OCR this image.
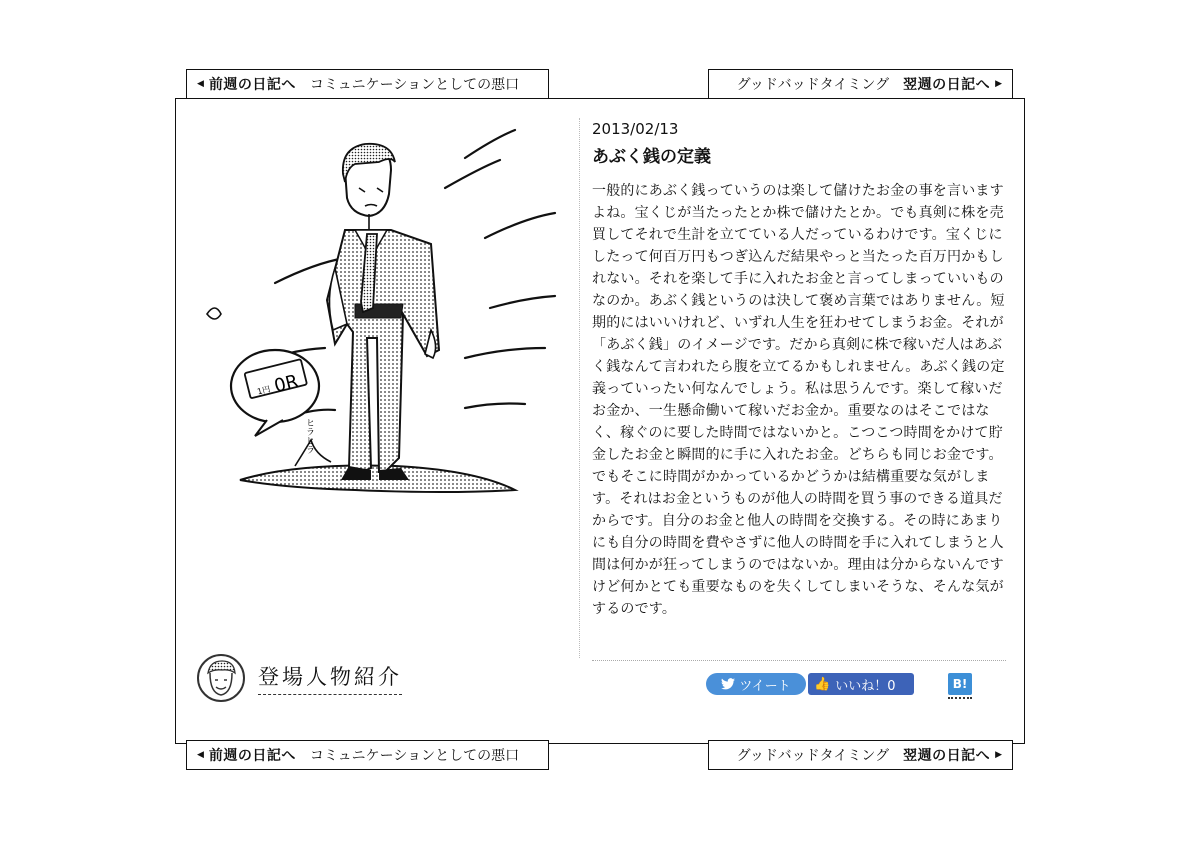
◀ 前週の日記へ コミュニケーションとしての悪口	グッドバッドタイミング 翌週の日記へ ▶
1円 0R
ヒラヒラ
登場人物紹介
2013/02/13
あぶく銭の定義

一般的にあぶく銭っていうのは楽して儲けたお金の事を言いますよね。宝くじが当たったとか株で儲けたとか。でも真剣に株を売買してそれで生計を立てている人だっているわけです。宝くじにしたって何百万円もつぎ込んだ結果やっと当たった百万円かもしれない。それを楽して手に入れたお金と言ってしまっていいものなのか。あぶく銭というのは決して褒め言葉ではありません。短期的にはいいけれど、いずれ人生を狂わせてしまうお金。それが「あぶく銭」のイメージです。だから真剣に株で稼いだ人はあぶく銭なんて言われたら腹を立てるかもしれません。あぶく銭の定義っていったい何なんでしょう。私は思うんです。楽して稼いだお金か、一生懸命働いて稼いだお金か。重要なのはそこではなく、稼ぐのに要した時間ではないかと。こつこつ時間をかけて貯金したお金と瞬間的に手に入れたお金。どちらも同じお金です。でもそこに時間がかかっているかどうかは結構重要な気がします。それはお金というものが他人の時間を買う事のできる道具だからです。自分のお金と他人の時間を交換する。その時にあまりにも自分の時間を費やさずに他人の時間を手に入れてしまうと人間は何かが狂ってしまうのではないか。理由は分からないんですけど何かとても重要なものを失くしてしまいそうな、そんな気がするのです。

ツイート 👍 いいね！0	B!
◀ 前週の日記へ コミュニケーションとしての悪口	グッドバッドタイミング 翌週の日記へ ▶
